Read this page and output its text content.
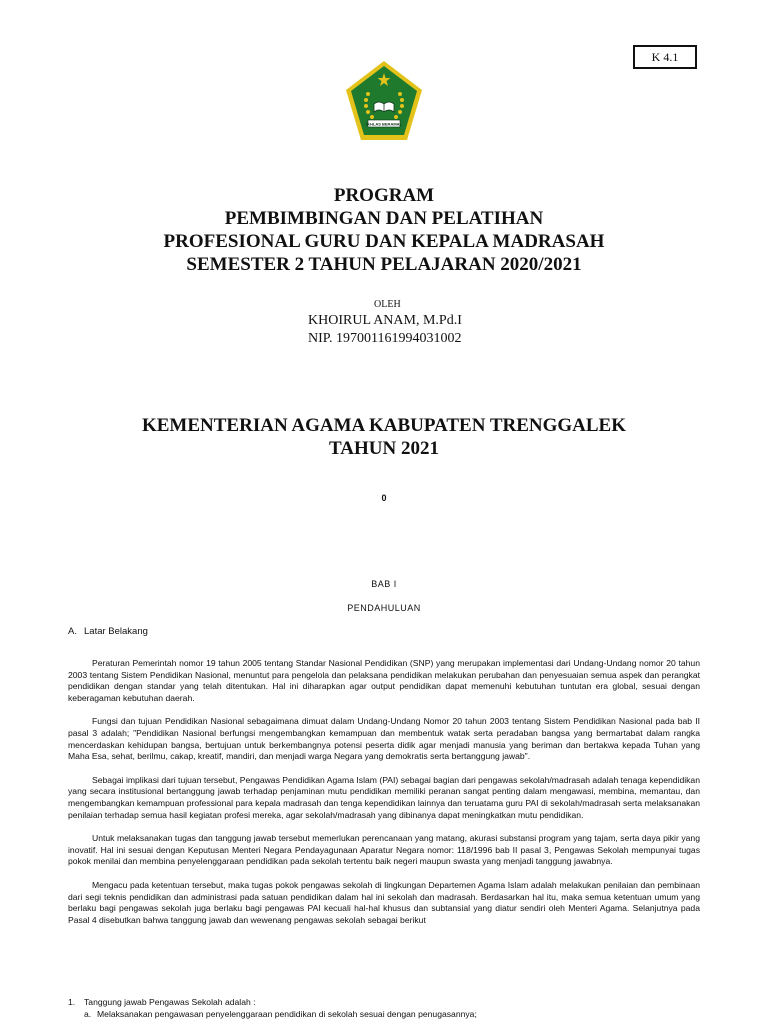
K 4.1
IKHLAS BERAMAL
PROGRAM
PEMBIMBINGAN DAN PELATIHAN
PROFESIONAL GURU DAN KEPALA MADRASAH
SEMESTER 2 TAHUN PELAJARAN 2020/2021
OLEH
KHOIRUL ANAM, M.Pd.I
NIP. 197001161994031002
KEMENTERIAN AGAMA KABUPATEN TRENGGALEK
TAHUN 2021
0
BAB I
PENDAHULUAN
A. Latar Belakang

Peraturan Pemerintah nomor 19 tahun 2005 tentang Standar Nasional Pendidikan (SNP) yang merupakan implementasi dari Undang-Undang nomor 20 tahun 2003 tentang Sistem Pendidikan Nasional, menuntut para pengelola dan pelaksana pendidikan melakukan perubahan dan penyesuaian semua aspek dan perangkat pendidikan dengan standar yang telah ditentukan. Hal ini diharapkan agar output pendidikan dapat memenuhi kebutuhan tuntutan era global, sesuai dengan keberagaman kebutuhan daerah.

Fungsi dan tujuan Pendidikan Nasional sebagaimana dimuat dalam Undang-Undang Nomor 20 tahun 2003 tentang Sistem Pendidikan Nasional pada bab II pasal 3 adalah; "Pendidikan Nasional berfungsi mengembangkan kemampuan dan membentuk watak serta peradaban bangsa yang bermartabat dalam rangka mencerdaskan kehidupan bangsa, bertujuan untuk berkembangnya potensi peserta didik agar menjadi manusia yang beriman dan bertakwa kepada Tuhan yang Maha Esa, sehat, berilmu, cakap, kreatif, mandiri, dan menjadi warga Negara yang demokratis serta bertanggung jawab".

Sebagai implikasi dari tujuan tersebut, Pengawas Pendidikan Agama Islam (PAI) sebagai bagian dari pengawas sekolah/madrasah adalah tenaga kependidikan yang secara institusional bertanggung jawab terhadap penjaminan mutu pendidikan memiliki peranan sangat penting dalam mengawasi, membina, memantau, dan mengembangkan kemampuan professional para kepala madrasah dan tenga kependidikan lainnya dan teruatama guru PAI di sekolah/madrasah serta melaksanakan penilaian terhadap semua hasil kegiatan profesi mereka, agar sekolah/madrasah yang dibinanya dapat meningkatkan mutu pendidikan.

Untuk melaksanakan tugas dan tanggung jawab tersebut memerlukan perencanaan yang matang, akurasi substansi program yang tajam, serta daya pikir yang inovatif. Hal ini sesuai dengan Keputusan Menteri Negara Pendayagunaan Aparatur Negara nomor: 118/1996 bab II pasal 3, Pengawas Sekolah mempunyai tugas pokok menilai dan membina penyelenggaraan pendidikan pada sekolah tertentu baik negeri maupun swasta yang menjadi tanggung jawabnya.

Mengacu pada ketentuan tersebut, maka tugas pokok pengawas sekolah di lingkungan Departemen Agama Islam adalah melakukan penilaian dan pembinaan dari segi teknis pendidikan dan administrasi pada satuan pendidikan dalam hal ini sekolah dan madrasah. Berdasarkan hal itu, maka semua ketentuan umum yang berlaku bagi pengawas sekolah juga berlaku bagi pengawas PAI kecuali hal-hal khusus dan subtansial yang diatur sendiri oleh Menteri Agama. Selanjutnya pada Pasal 4 disebutkan bahwa tanggung jawab dan wewenang pengawas sekolah sebagai berikut

1. Tanggung jawab Pengawas Sekolah adalah :
a. Melaksanakan pengawasan penyelenggaraan pendidikan di sekolah sesuai dengan penugasannya;
